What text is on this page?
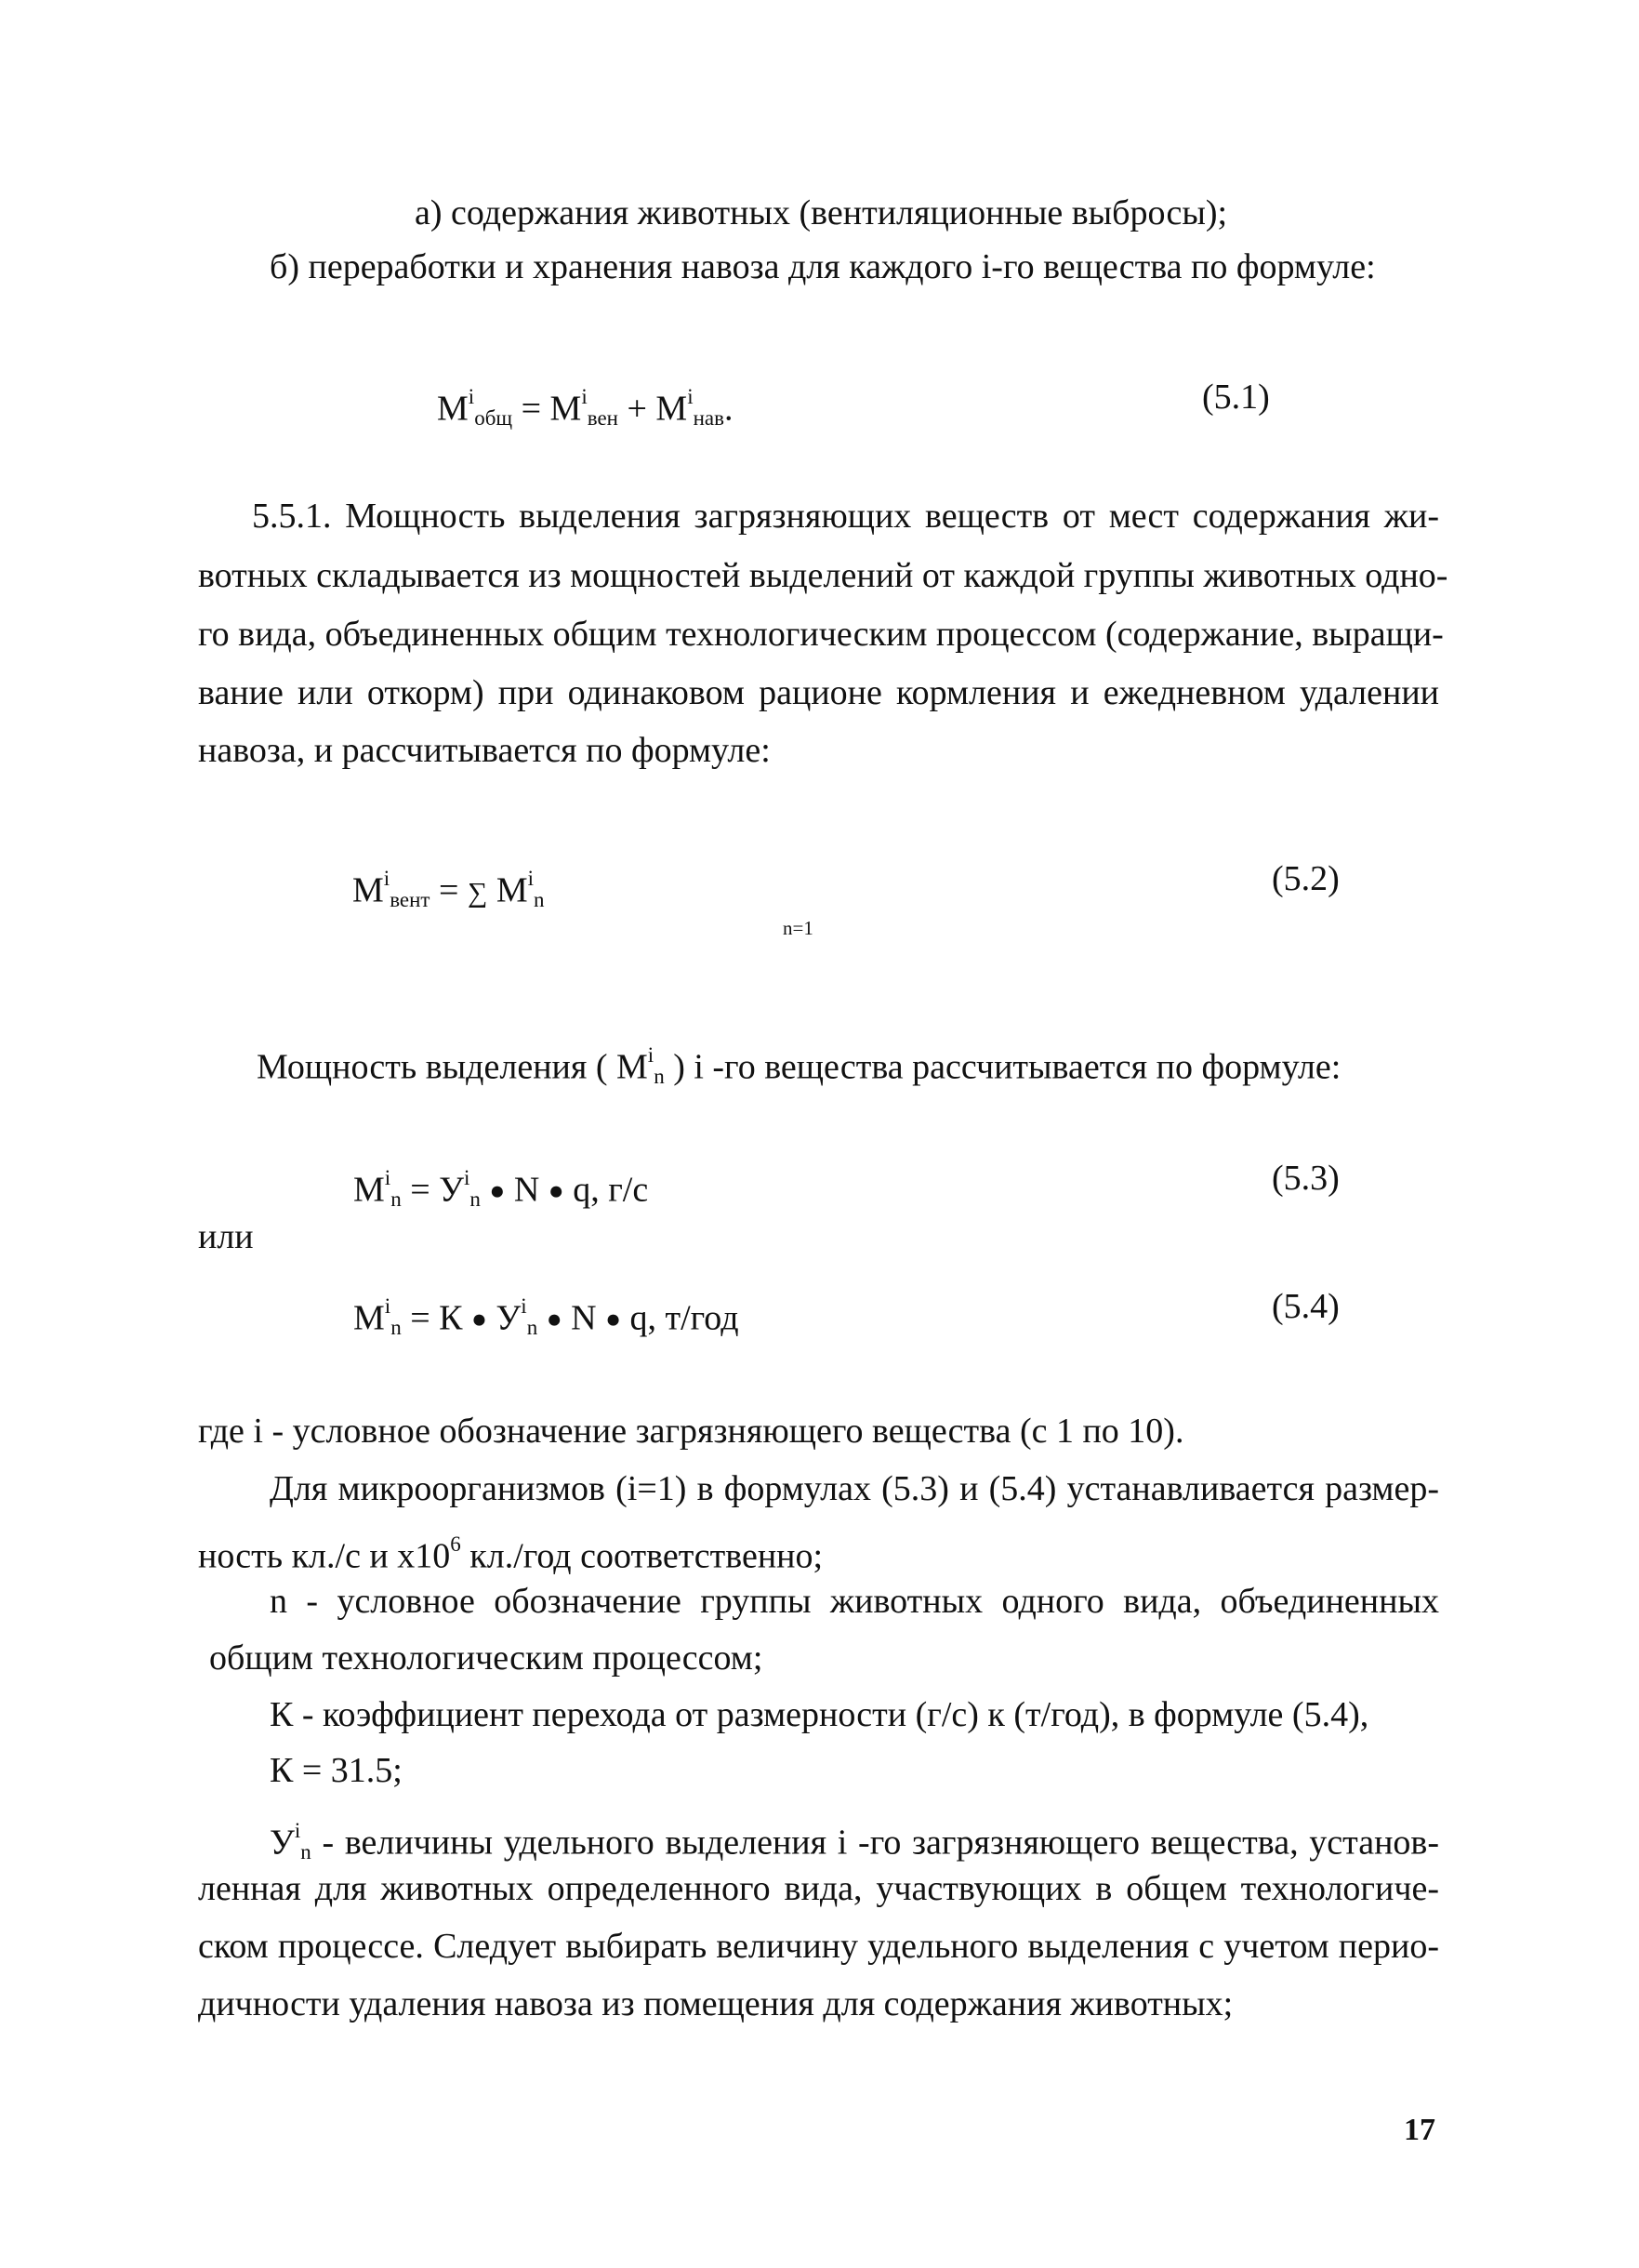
а) содержания животных (вентиляционные выбросы);
б) переработки и хранения навоза для каждого i-го вещества по формуле:
$M^i_{общ} = M^i_{вен} + M^i_{нав}$.	(5.1)
5.5.1. Мощность выделения загрязняющих веществ от мест содержания жи-
вотных складывается из мощностей выделений от каждой группы животных одно-
го вида, объединенных общим технологическим процессом (содержание, выращи-
вание или откорм) при одинаковом рационе кормления и ежедневном удалении
навоза, и рассчитывается по формуле:
$M^i_{вент}$ = ∑ $M^i_n$
n=1
(5.2)
Мощность выделения ( $M^i_n$ ) i -го вещества рассчитывается по формуле:
$M^i_n = У^i_n$ ● N ● q, г/с	(5.3)
или
$M^i_n = К$ ● $У^i_n$ ● N ● q, т/год	(5.4)
где i - условное обозначение загрязняющего вещества (с 1 по 10).
Для микроорганизмов (i=1) в формулах (5.3) и (5.4) устанавливается размер-
ность кл./с и $х10^6$ кл./год соответственно;
n - условное обозначение группы животных одного вида, объединенных
общим технологическим процессом;
К - коэффициент перехода от размерности (г/с) к (т/год), в формуле (5.4),
К = 31.5;
$У^i_n$ - величины удельного выделения i -го загрязняющего вещества, установ-
ленная для животных определенного вида, участвующих в общем технологиче-
ском процессе. Следует выбирать величину удельного выделения с учетом перио-
дичности удаления навоза из помещения для содержания животных;
17
